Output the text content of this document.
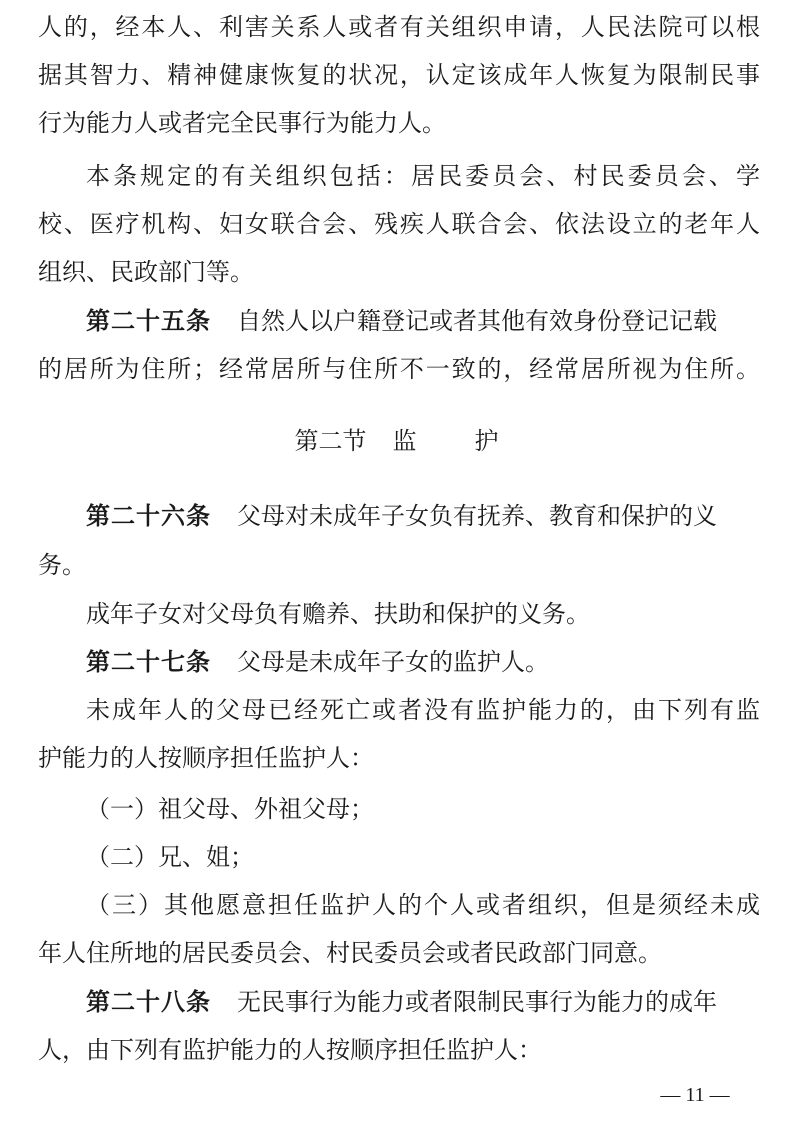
人的，经本人、利害关系人或者有关组织申请，人民法院可以根
据其智力、精神健康恢复的状况，认定该成年人恢复为限制民事
行为能力人或者完全民事行为能力人。
本条规定的有关组织包括：居民委员会、村民委员会、学
校、医疗机构、妇女联合会、残疾人联合会、依法设立的老年人
组织、民政部门等。
第二十五条 自然人以户籍登记或者其他有效身份登记记载
的居所为住所；经常居所与住所不一致的，经常居所视为住所。
第二节 监 护
第二十六条 父母对未成年子女负有抚养、教育和保护的义
务。
成年子女对父母负有赡养、扶助和保护的义务。
第二十七条 父母是未成年子女的监护人。
未成年人的父母已经死亡或者没有监护能力的，由下列有监
护能力的人按顺序担任监护人：
（一）祖父母、外祖父母；
（二）兄、姐；
（三）其他愿意担任监护人的个人或者组织，但是须经未成
年人住所地的居民委员会、村民委员会或者民政部门同意。
第二十八条 无民事行为能力或者限制民事行为能力的成年
人，由下列有监护能力的人按顺序担任监护人：
— 11 —
